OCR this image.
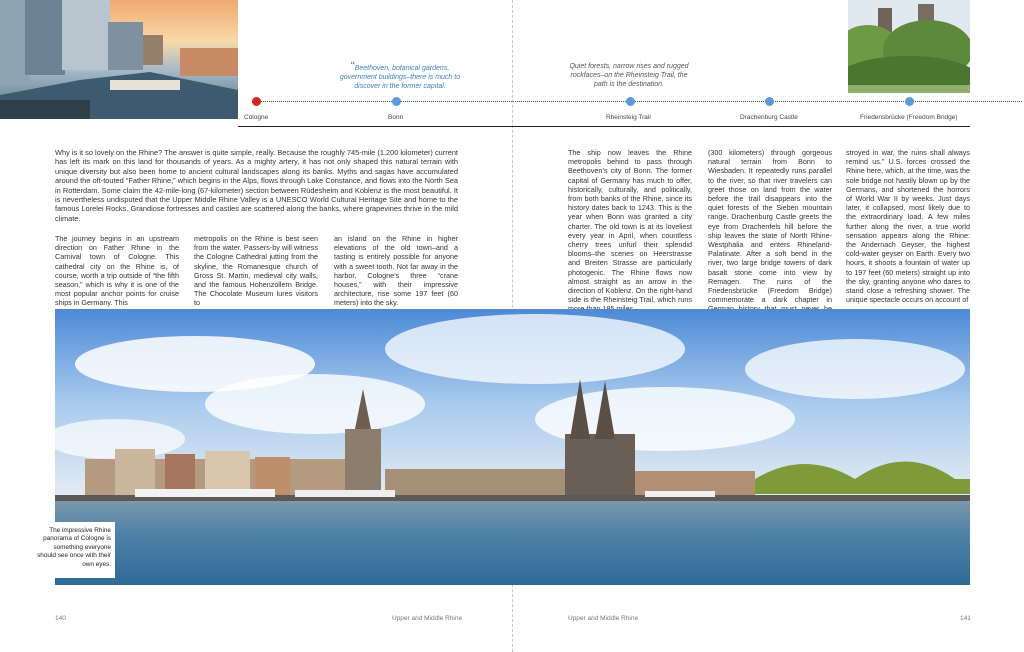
“Beethoven, botanical gardens, government buildings–there is much to discover in the former capital.
Quiet forests, narrow rises and rugged rockfaces–on the Rheinsteig Trail, the path is the destination.
Cologne	Bonn	Rheinsteig Trail	Drachenburg Castle	Friedensbrücke (Freedom Bridge)
Why is it so lovely on the Rhine? The answer is quite simple, really. Because the roughly 745-mile (1,200 kilometer) current has left its mark on this land for thousands of years. As a mighty artery, it has not only shaped this natural terrain with unique diversity but also been home to ancient cultural landscapes along its banks. Myths and sagas have accumulated around the oft-touted “Father Rhine,” which begins in the Alps, flows through Lake Constance, and flows into the North Sea in Rotterdam. Some claim the 42-mile-long (67-kilometer) section between Rüdesheim and Koblenz is the most beautiful. It is nevertheless undisputed that the Upper Middle Rhine Valley is a UNESCO World Cultural Heritage Site and home to the famous Lorelei Rocks. Grandiose fortresses and castles are scattered along the banks, where grapevines thrive in the mild climate.
The journey begins in an upstream direction on Father Rhine in the Carnival town of Cologne. This cathedral city on the Rhine is, of course, worth a trip outside of “the fifth season,” which is why it is one of the most popular anchor points for cruise ships in Germany. This
metropolis on the Rhine is best seen from the water. Passers-by will witness the Cologne Cathedral jutting from the skyline, the Romanesque church of Gross St. Martin, medieval city walls, and the famous Hohenzollern Bridge. The Chocolate Museum lures visitors to
an island on the Rhine in higher elevations of the old town–and a tasting is entirely possible for anyone with a sweet tooth. Not far away in the harbor, Cologne’s three “crane houses,” with their impressive architecture, rise some 197 feet (60 meters) into the sky.
The ship now leaves the Rhine metropolis behind to pass through Beethoven’s city of Bonn. The former capital of Germany has much to offer, historically, culturally, and politically, from both banks of the Rhine, since its history dates back to 1243. This is the year when Bonn was granted a city charter. The old town is at its loveliest every year in April, when countless cherry trees unfurl their splendid blooms–the scenes on Heerstrasse and Breiten Strasse are particularly photogenic. The Rhine flows now almost straight as an arrow in the direction of Koblenz. On the right-hand side is the Rheinsteig Trail, which runs
(300 kilometers) through gorgeous natural terrain from Bonn to Wiesbaden. It repeatedly runs parallel to the river, so that river travelers can greet those on land from the water before the trail disappears into the quiet forests of the Sieben mountain range. Drachenburg Castle greets the eye from Drachenfels hill before the ship leaves the state of North Rhine-Westphalia and enters Rhineland-Palatinate. After a soft bend in the river, two large bridge towers of dark basalt stone come into view by Remagen. The ruins of the Friedensbrücke (Freedom Bridge) commemorate a dark chapter in
stroyed in war, the ruins shall always remind us.” U.S. forces crossed the Rhine here, which, at the time, was the sole bridge not hastily blown up by the Germans, and shortened the horrors of World War II by weeks. Just days later, it collapsed, most likely due to the extraordinary load. A few miles further along the river, a true world sensation appears along the Rhine: the Andernach Geyser, the highest cold-water geyser on Earth. Every two hours, it shoots a fountain of water up to 197 feet (60 meters) straight up into the sky, granting anyone who dares to stand close a refreshing shower. The unique spectacle occurs on account of
The impressive Rhine panorama of Cologne is something everyone should see once with their own eyes.
140	Upper and Middle Rhine	Upper and Middle Rhine	141
